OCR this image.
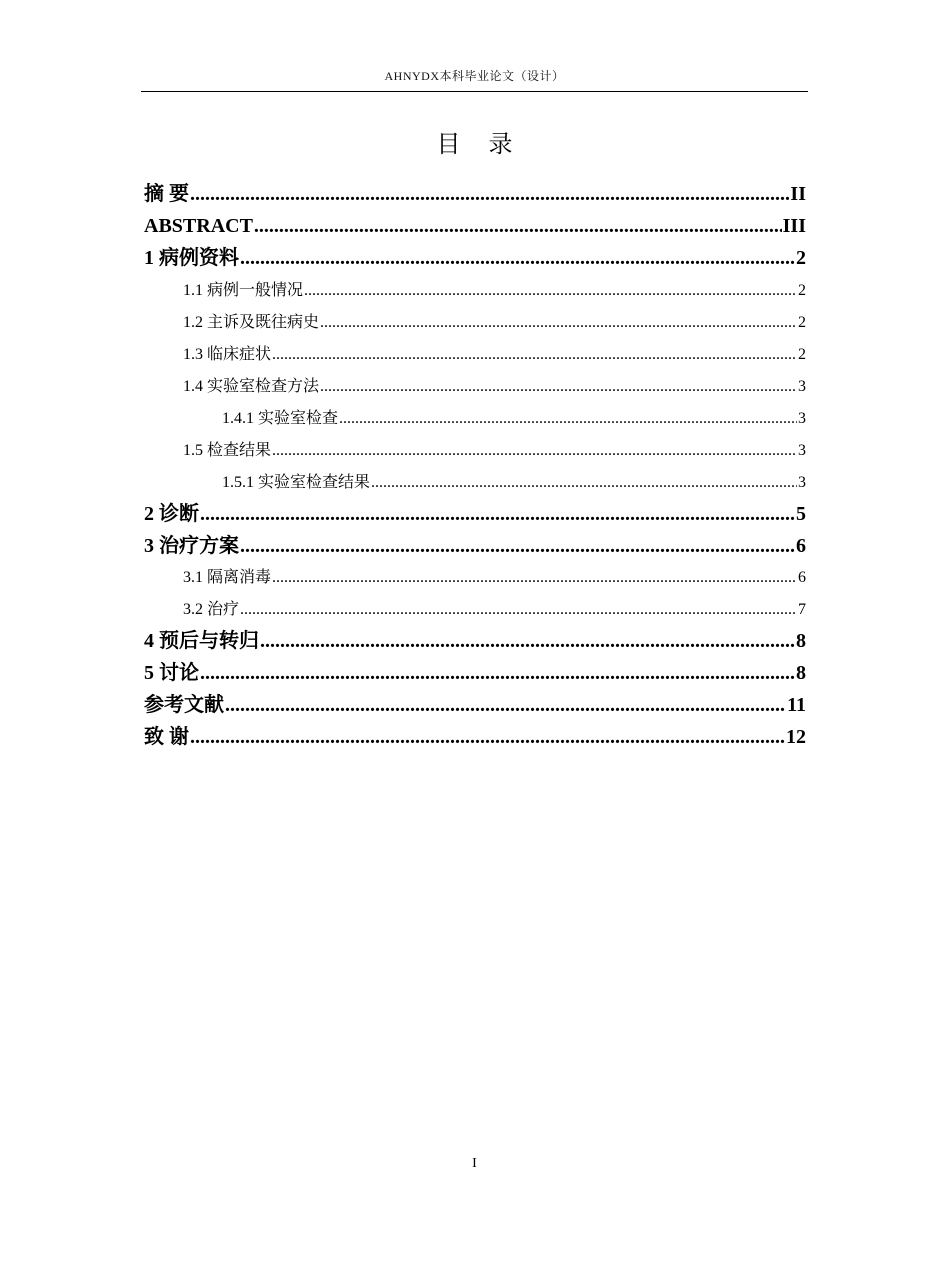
AHNYDX本科毕业论文（设计）
目录
摘 要 .....	II
ABSTRACT .....	III
1 病例资料 .....	2
1.1 病例一般情况 .....	2
1.2 主诉及既往病史 .....	2
1.3 临床症状 .....	2
1.4 实验室检查方法 .....	3
1.4.1 实验室检查 .....	3
1.5 检查结果 .....	3
1.5.1 实验室检查结果 .....	3
2 诊断 .....	5
3 治疗方案 .....	6
3.1 隔离消毒 .....	6
3.2 治疗 .....	7
4 预后与转归 .....	8
5 讨论 .....	8
参考文献 .....	11
致 谢 .....	12
I
